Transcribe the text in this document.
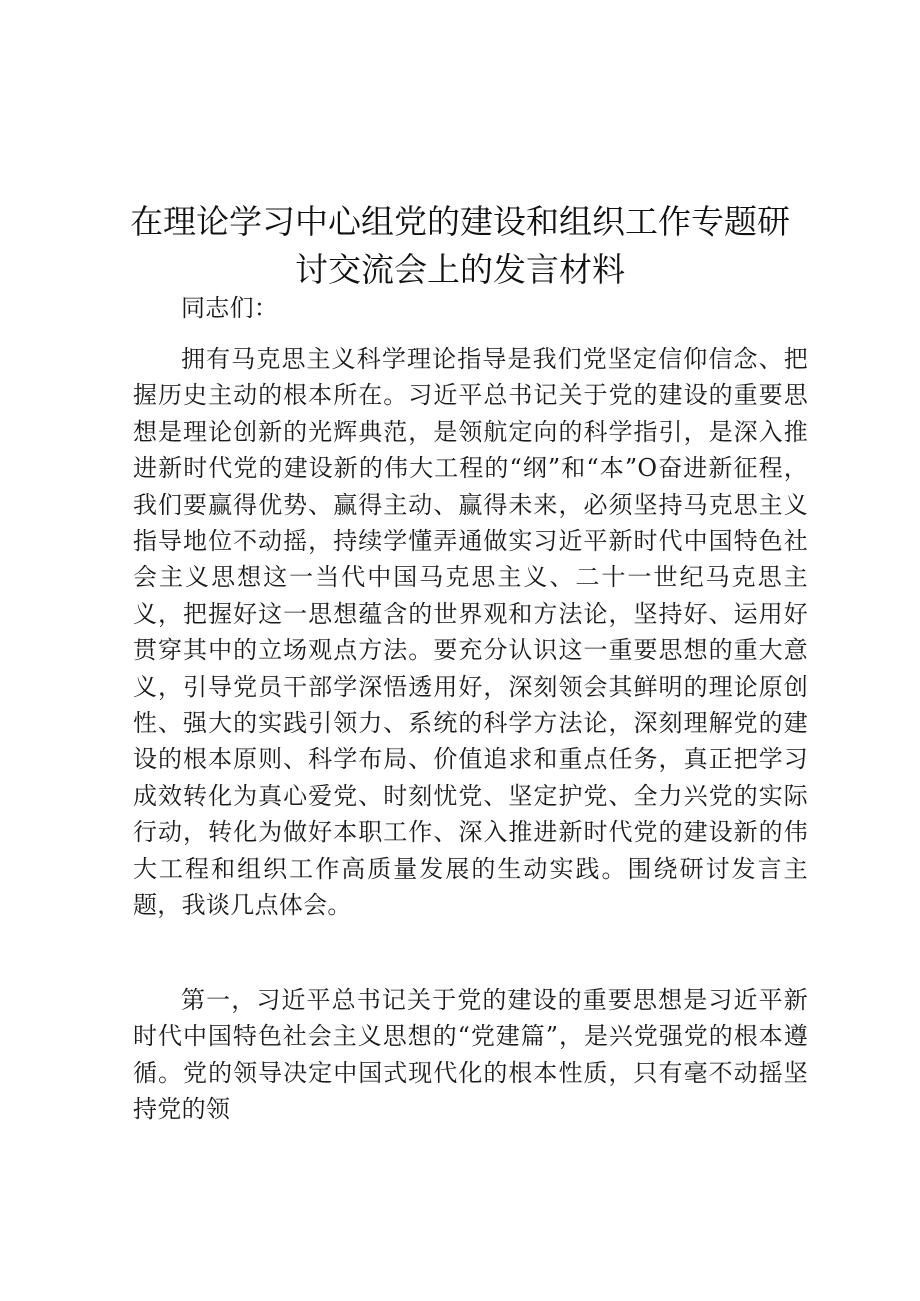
在理论学习中心组党的建设和组织工作专题研
讨交流会上的发言材料

同志们：

拥有马克思主义科学理论指导是我们党坚定信仰信念、把握历史主动的根本所在。习近平总书记关于党的建设的重要思想是理论创新的光辉典范，是领航定向的科学指引，是深入推进新时代党的建设新的伟大工程的“纲”和“本”O奋进新征程，我们要赢得优势、赢得主动、赢得未来，必须坚持马克思主义指导地位不动摇，持续学懂弄通做实习近平新时代中国特色社会主义思想这一当代中国马克思主义、二十一世纪马克思主义，把握好这一思想蕴含的世界观和方法论，坚持好、运用好贯穿其中的立场观点方法。要充分认识这一重要思想的重大意义，引导党员干部学深悟透用好，深刻领会其鲜明的理论原创性、强大的实践引领力、系统的科学方法论，深刻理解党的建设的根本原则、科学布局、价值追求和重点任务，真正把学习成效转化为真心爱党、时刻忧党、坚定护党、全力兴党的实际行动，转化为做好本职工作、深入推进新时代党的建设新的伟大工程和组织工作高质量发展的生动实践。围绕研讨发言主题，我谈几点体会。

第一，习近平总书记关于党的建设的重要思想是习近平新时代中国特色社会主义思想的“党建篇”，是兴党强党的根本遵循。党的领导决定中国式现代化的根本性质，只有毫不动摇坚持党的领
